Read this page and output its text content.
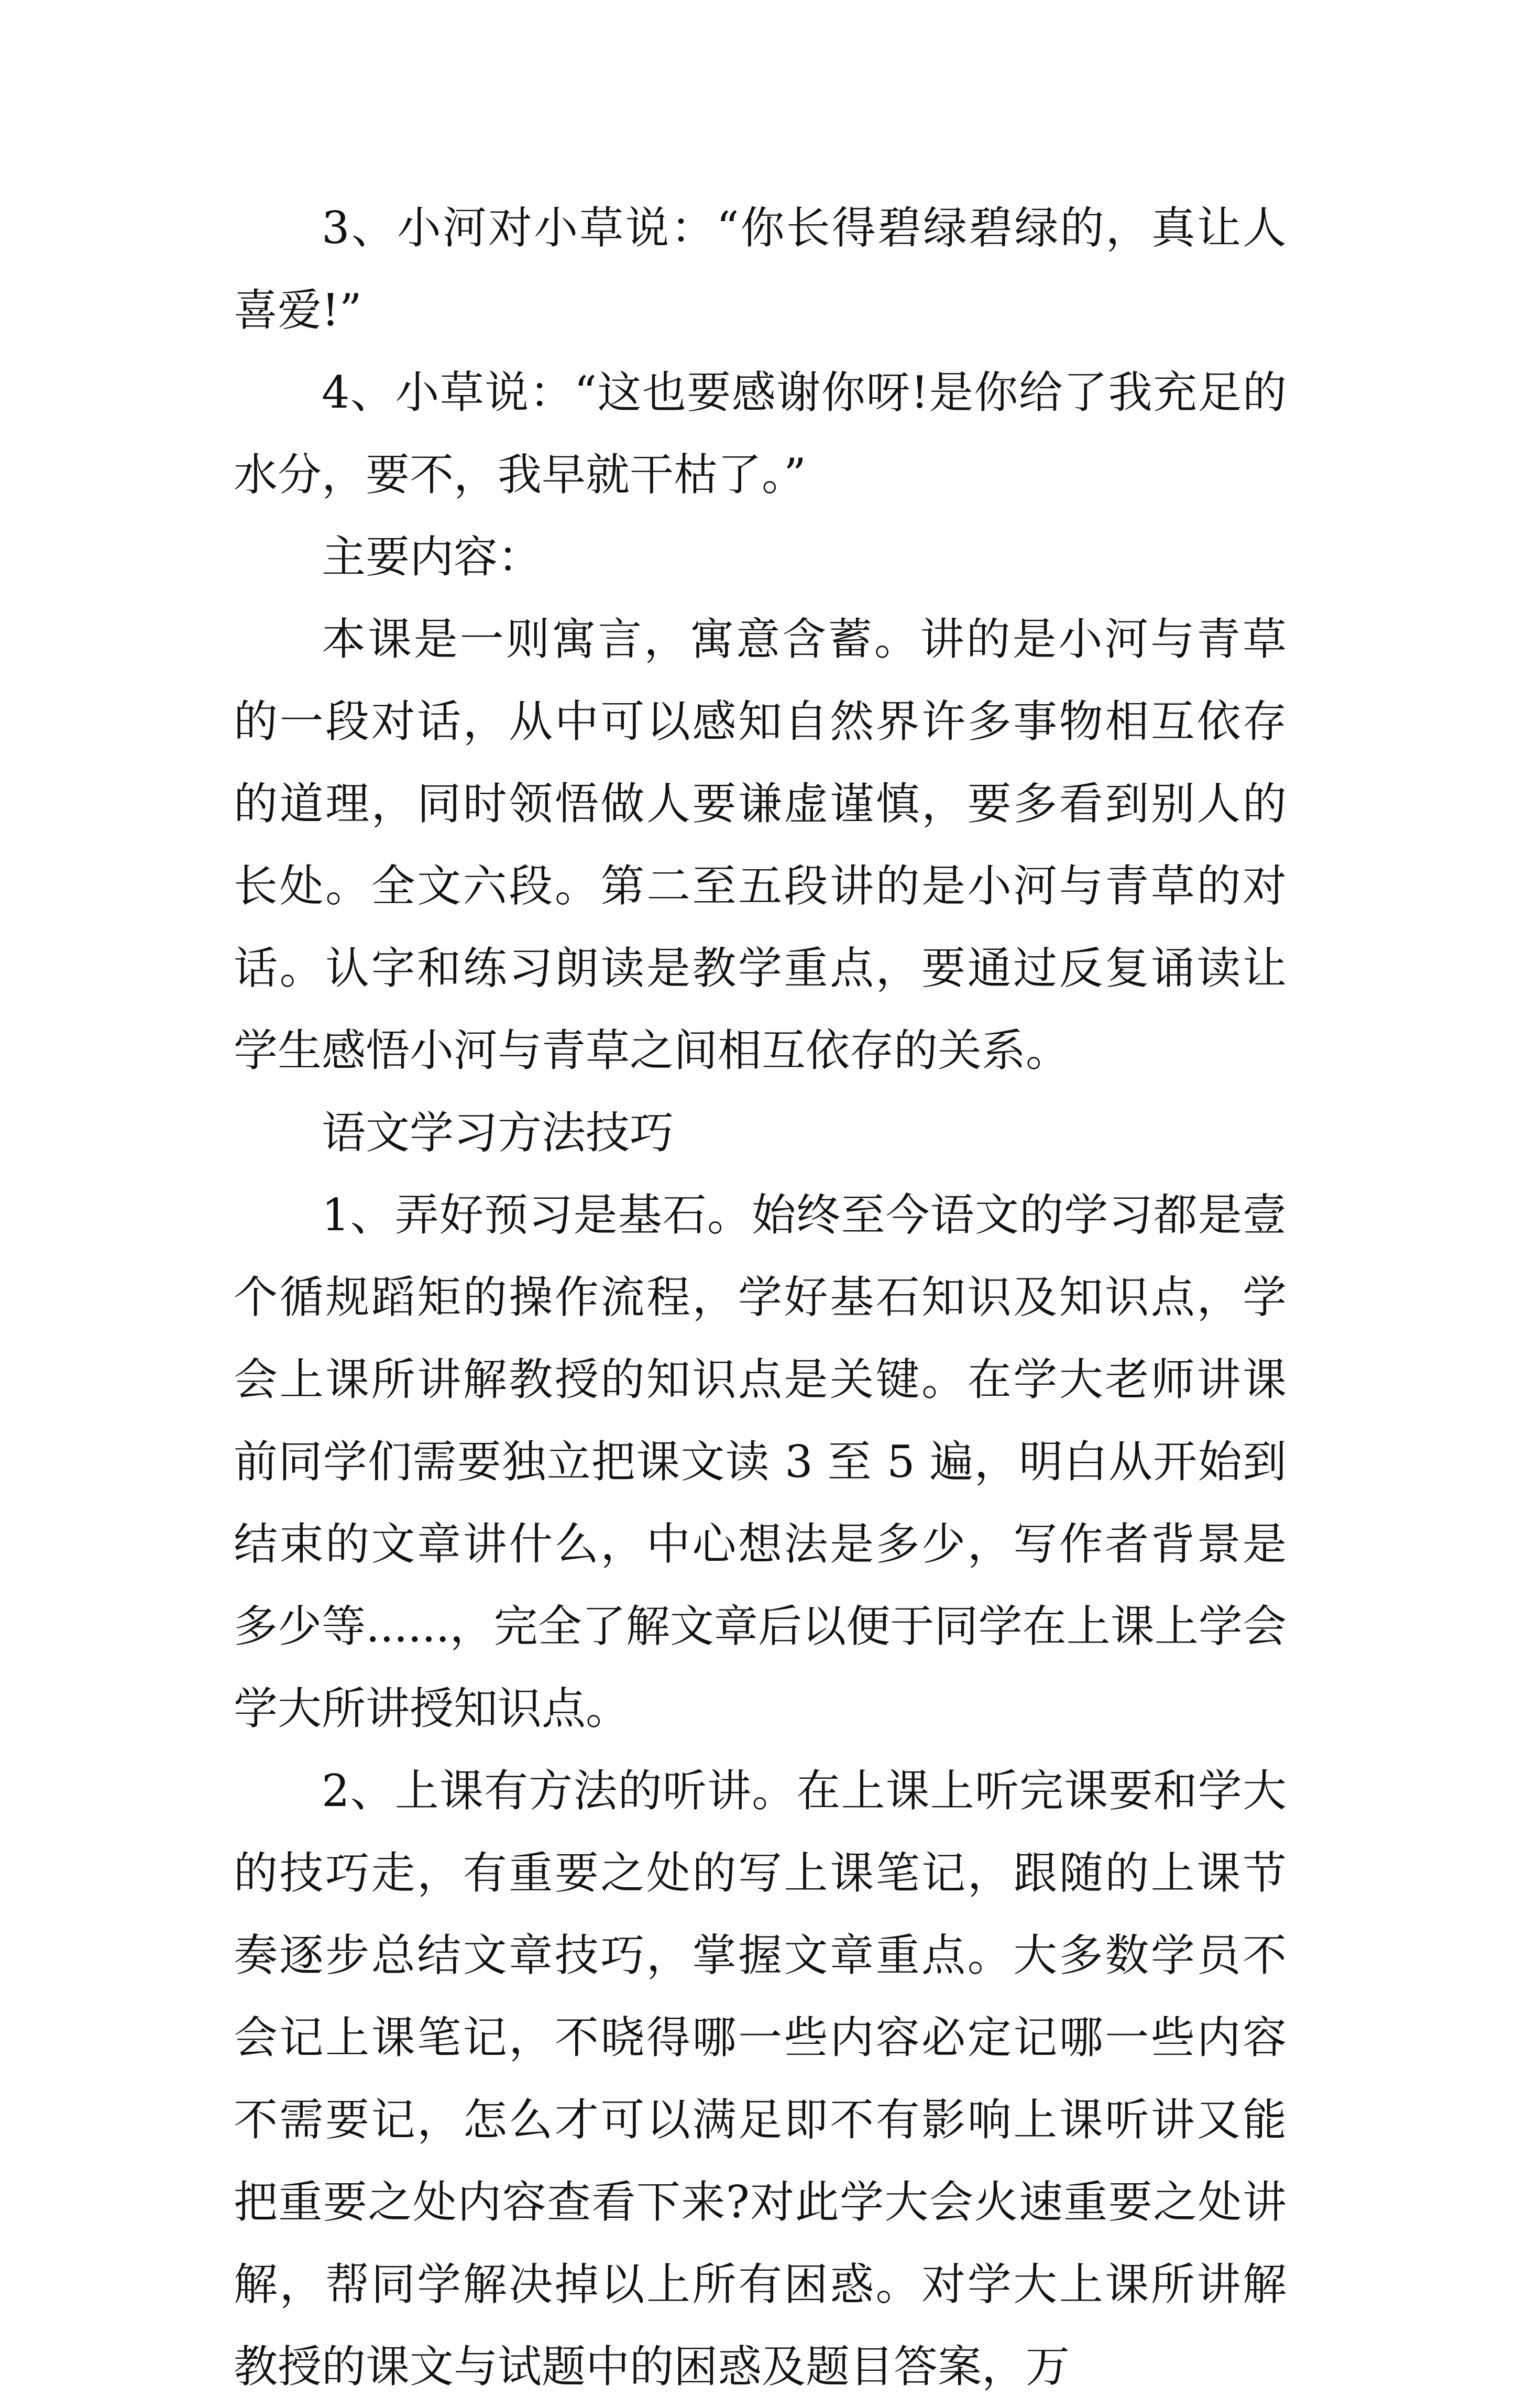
3、小河对小草说：“你长得碧绿碧绿的，真让人喜爱!”

4、小草说：“这也要感谢你呀!是你给了我充足的水分，要不，我早就干枯了。”

主要内容：

本课是一则寓言，寓意含蓄。讲的是小河与青草的一段对话，从中可以感知自然界许多事物相互依存的道理，同时领悟做人要谦虚谨慎，要多看到别人的长处。全文六段。第二至五段讲的是小河与青草的对话。认字和练习朗读是教学重点，要通过反复诵读让学生感悟小河与青草之间相互依存的关系。

语文学习方法技巧

1、弄好预习是基石。始终至今语文的学习都是壹个循规蹈矩的操作流程，学好基石知识及知识点，学会上课所讲解教授的知识点是关键。在学大老师讲课前同学们需要独立把课文读 3 至 5 遍，明白从开始到结束的文章讲什么，中心想法是多少，写作者背景是多少等......，完全了解文章后以便于同学在上课上学会学大所讲授知识点。

2、上课有方法的听讲。在上课上听完课要和学大的技巧走，有重要之处的写上课笔记，跟随的上课节奏逐步总结文章技巧，掌握文章重点。大多数学员不会记上课笔记，不晓得哪一些内容必定记哪一些内容不需要记，怎么才可以满足即不有影响上课听讲又能把重要之处内容查看下来?对此学大会火速重要之处讲解，帮同学解决掉以上所有困惑。对学大上课所讲解教授的课文与试题中的困惑及题目答案，万
